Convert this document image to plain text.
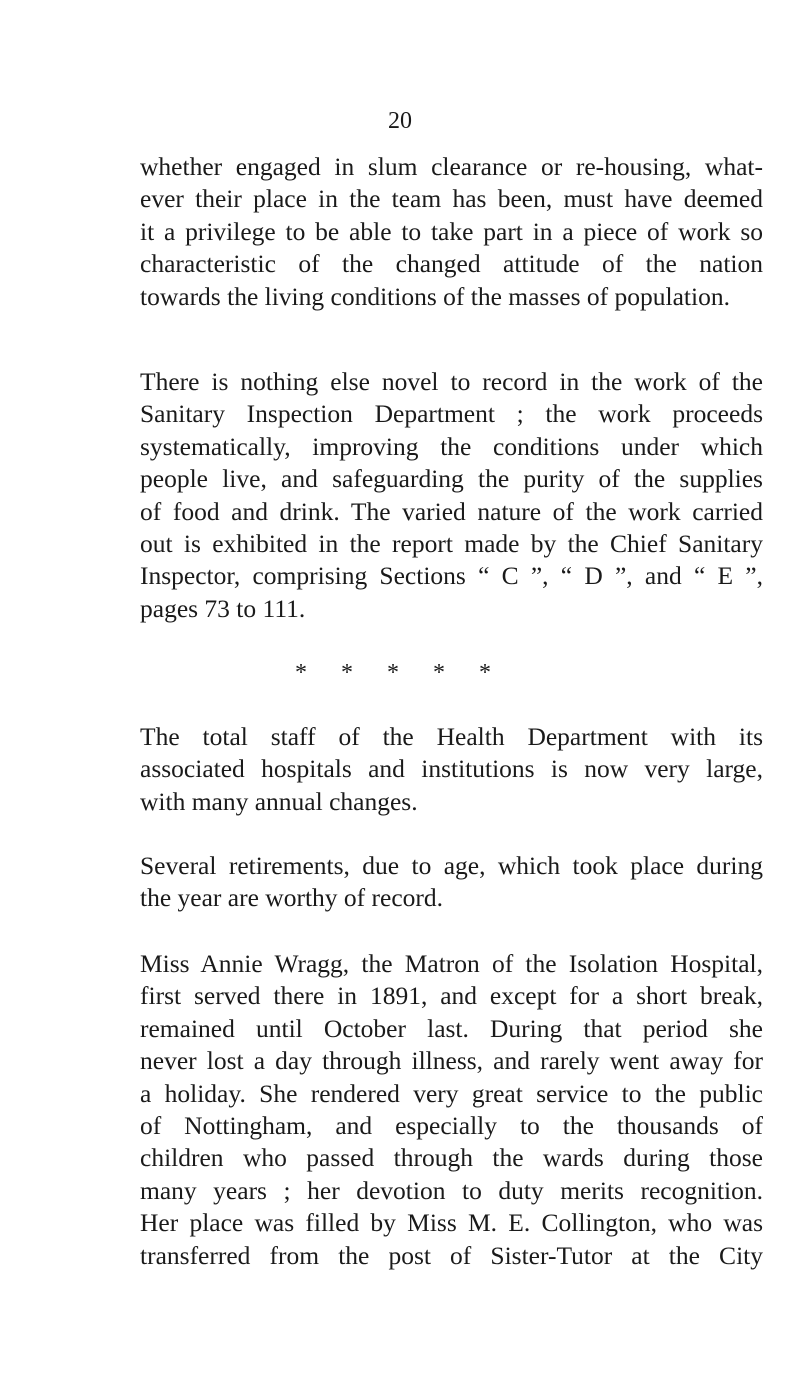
20
whether engaged in slum clearance or re-housing, what-
ever their place in the team has been, must have deemed
it a privilege to be able to take part in a piece of work so
characteristic of the changed attitude of the nation
towards the living conditions of the masses of population.
There is nothing else novel to record in the work of the
Sanitary Inspection Department ; the work proceeds
systematically, improving the conditions under which
people live, and safeguarding the purity of the supplies
of food and drink. The varied nature of the work carried
out is exhibited in the report made by the Chief Sanitary
Inspector, comprising Sections “ C ”, “ D ”, and “ E ”,
pages 73 to 111.
* * * * *
The total staff of the Health Department with its
associated hospitals and institutions is now very large,
with many annual changes.
Several retirements, due to age, which took place during
the year are worthy of record.
Miss Annie Wragg, the Matron of the Isolation Hospital,
first served there in 1891, and except for a short break,
remained until October last. During that period she
never lost a day through illness, and rarely went away for
a holiday. She rendered very great service to the public
of Nottingham, and especially to the thousands of
children who passed through the wards during those
many years ; her devotion to duty merits recognition.
Her place was filled by Miss M. E. Collington, who was
transferred from the post of Sister-Tutor at the City
